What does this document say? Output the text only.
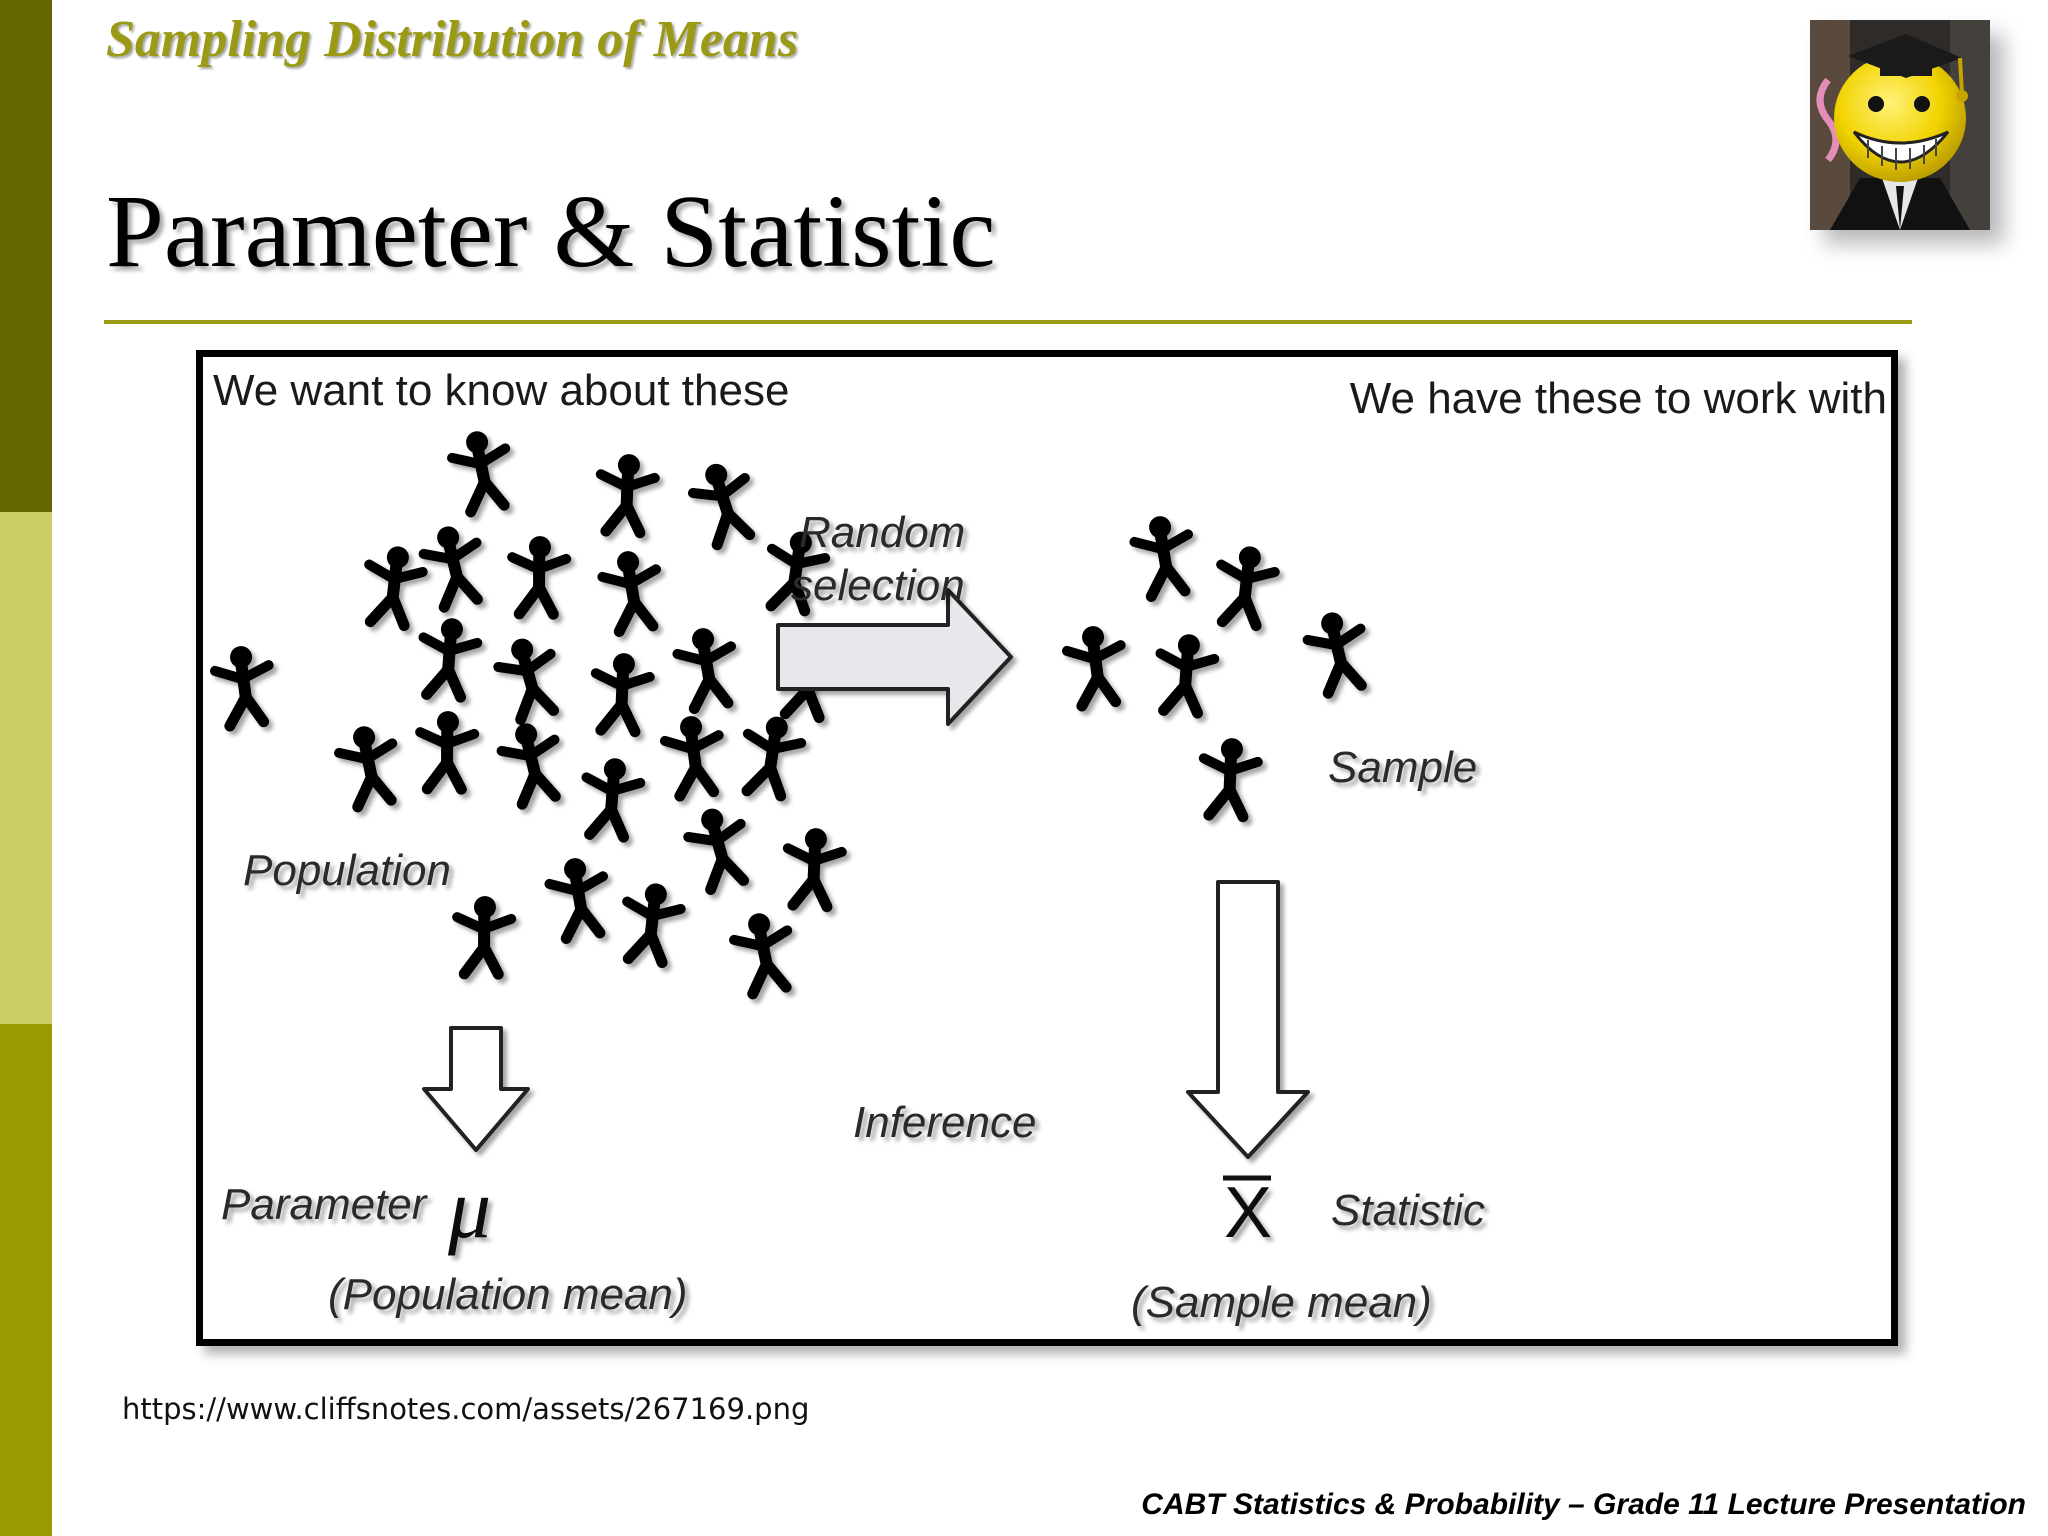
Sampling Distribution of Means
Parameter & Statistic
We want to know about these	We have these to work with
Population
Random
selection
Sample
Inference
Parameter μ
(Population mean)
X Statistic
(Sample mean)
https://www.cliffsnotes.com/assets/267169.png
CABT Statistics & Probability – Grade 11 Lecture Presentation
